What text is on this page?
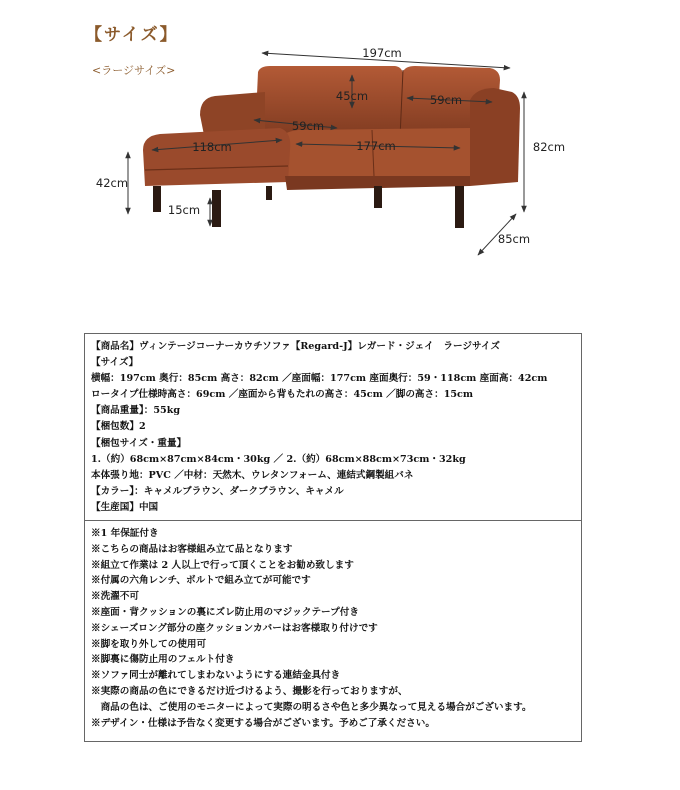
【サイズ】
<ラージサイズ>
197cm
45cm	59cm
59cm
118cm	177cm	82cm
42cm
15cm
85cm
【商品名】ヴィンテージコーナーカウチソファ【Regard-J】レガード・ジェイ　ラージサイズ
【サイズ】
横幅：197cm 奥行：85cm 高さ：82cm ／座面幅：177cm 座面奥行：59・118cm 座面高：42cm
ロータイプ仕様時高さ：69cm ／座面から背もたれの高さ：45cm ／脚の高さ：15cm
【商品重量】：55kg
【梱包数】2
【梱包サイズ・重量】
1.（約）68cm×87cm×84cm・30kg ／ 2.（約）68cm×88cm×73cm・32kg
本体張り地：PVC ／中材：天然木、ウレタンフォーム、連結式鋼製組バネ
【カラー】：キャメルブラウン、ダークブラウン、キャメル
【生産国】中国
※1 年保証付き
※こちらの商品はお客様組み立て品となります
※組立て作業は 2 人以上で行って頂くことをお勧め致します
※付属の六角レンチ、ボルトで組み立てが可能です
※洗濯不可
※座面・背クッションの裏にズレ防止用のマジックテープ付き
※シェーズロング部分の座クッションカバーはお客様取り付けです
※脚を取り外しての使用可
※脚裏に傷防止用のフェルト付き
※ソファ同士が離れてしまわないようにする連結金具付き
※実際の商品の色にできるだけ近づけるよう、撮影を行っておりますが、
　商品の色は、ご使用のモニターによって実際の明るさや色と多少異なって見える場合がございます。
※デザイン・仕様は予告なく変更する場合がございます。予めご了承ください。
